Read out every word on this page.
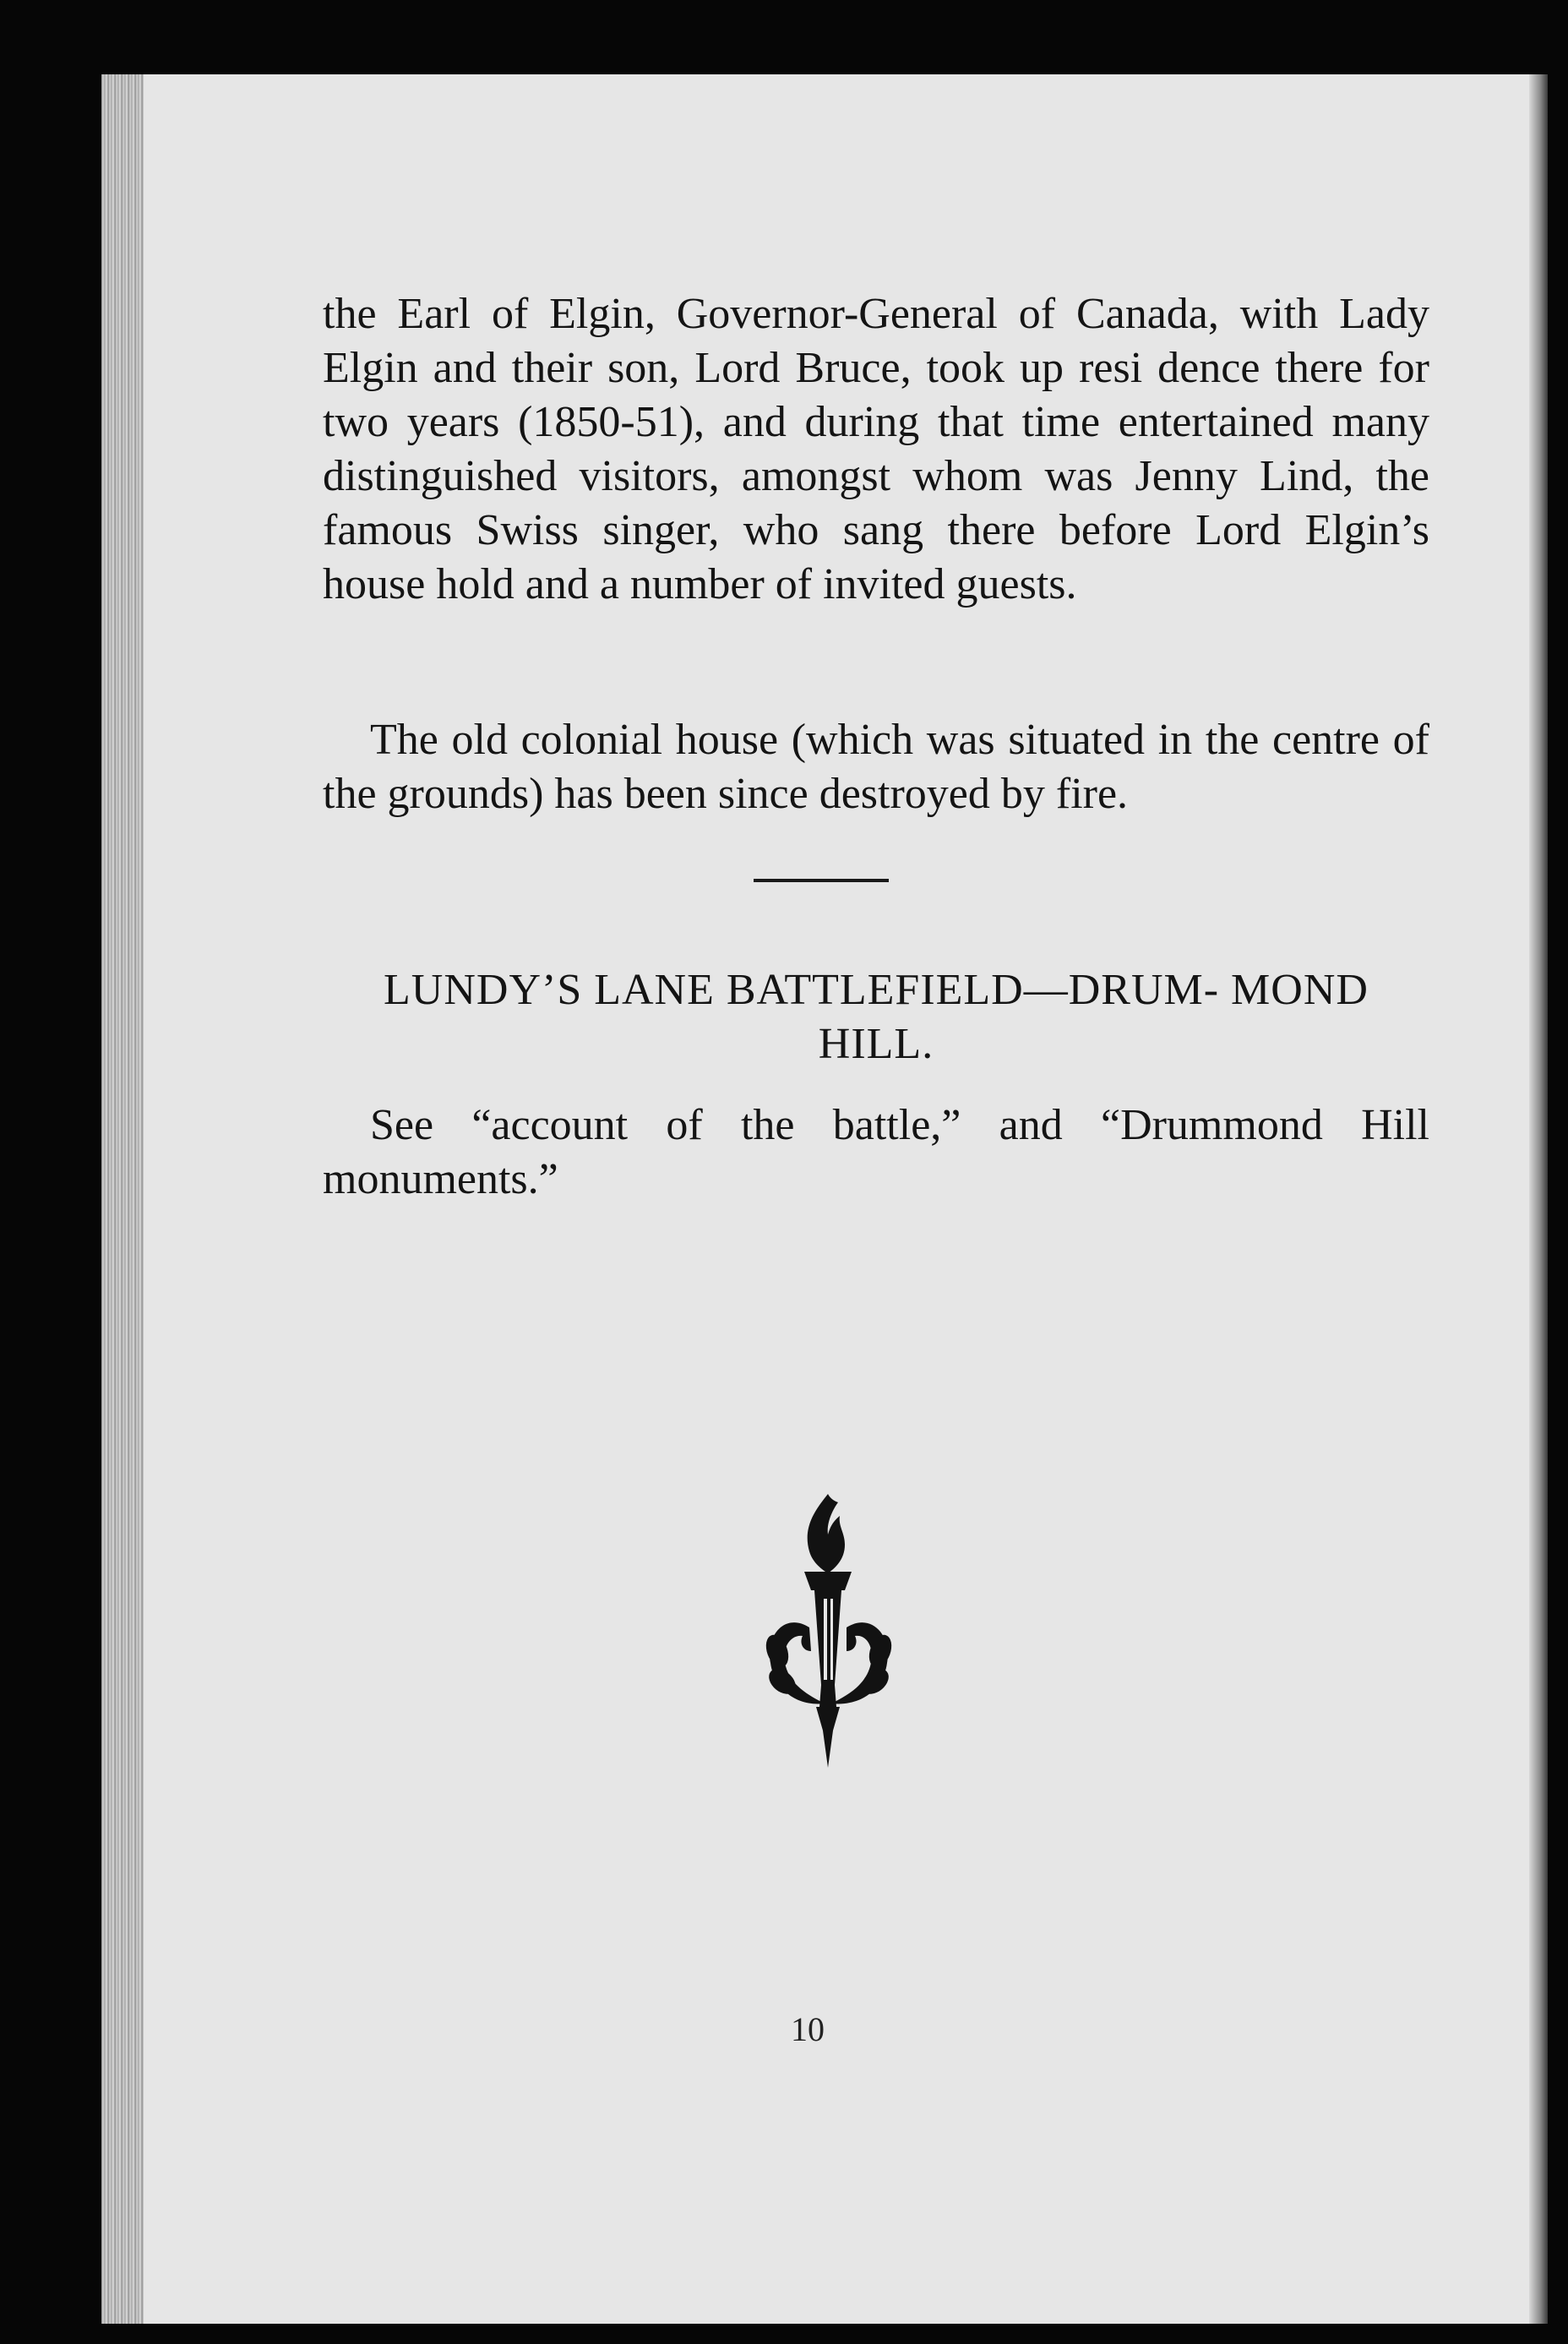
the Earl of Elgin, Governor-General of Canada, with Lady Elgin and their son, Lord Bruce, took up resi dence there for two years (1850-51), and during that time entertained many distinguished visitors, amongst whom was Jenny Lind, the famous Swiss singer, who sang there before Lord Elgin’s house hold and a number of invited guests.

The old colonial house (which was situated in the centre of the grounds) has been since destroyed by fire.

LUNDY’S LANE BATTLEFIELD—DRUM- MOND HILL.

See “account of the battle,” and “Drummond Hill monuments.”

10
